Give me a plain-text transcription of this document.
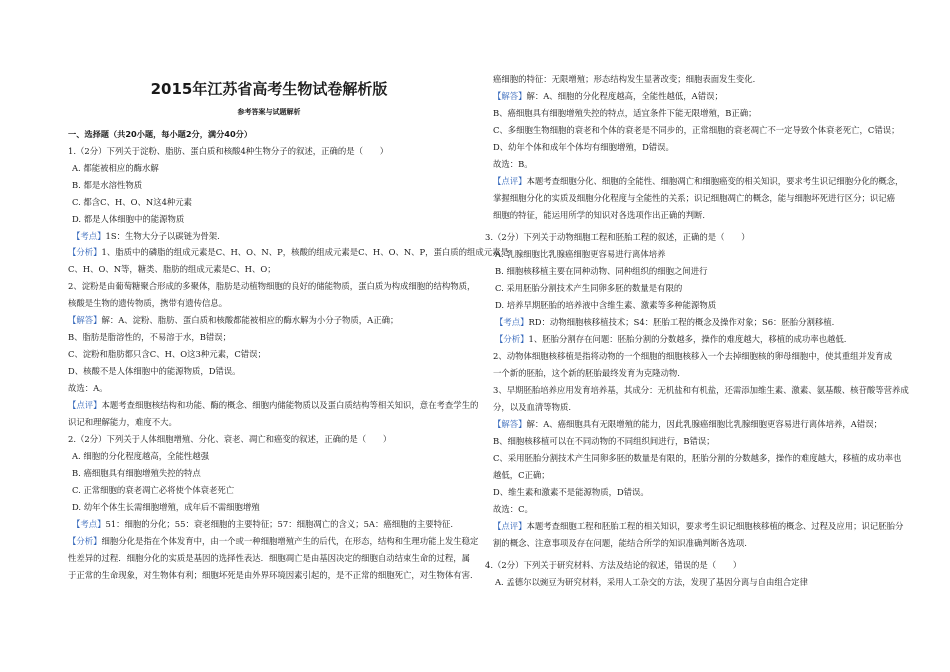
2015年江苏省高考生物试卷解析版
参考答案与试题解析
一、选择题（共20小题，每小题2分，满分40分）
1.（2分）下列关于淀粉、脂肪、蛋白质和核酸4种生物分子的叙述，正确的是（　　）
A. 都能被相应的酶水解
B. 都是水溶性物质
C. 都含C、H、O、N这4种元素
D. 都是人体细胞中的能源物质
【考点】1S：生物大分子以碳链为骨架.
【分析】1、脂质中的磷脂的组成元素是C、H、O、N、P，核酸的组成元素是C、H、O、N、P，蛋白质的组成元素是
C、H、O、N等，糖类、脂肪的组成元素是C、H、O；
2、淀粉是由葡萄糖聚合形成的多聚体，脂肪是动植物细胞的良好的储能物质，蛋白质为构成细胞的结构物质，
核酸是生物的遗传物质，携带有遗传信息。
【解答】解：A、淀粉、脂肪、蛋白质和核酸都能被相应的酶水解为小分子物质，A正确；
B、脂肪是脂溶性的，不易溶于水，B错误；
C、淀粉和脂肪都只含C、H、O这3种元素，C错误；
D、核酸不是人体细胞中的能源物质，D错误。
故选：A。
【点评】本题考查细胞核结构和功能、酶的概念、细胞内储能物质以及蛋白质结构等相关知识，意在考查学生的
识记和理解能力，难度不大。
2.（2分）下列关于人体细胞增殖、分化、衰老、凋亡和癌变的叙述，正确的是（　　）
A. 细胞的分化程度越高，全能性越强
B. 癌细胞具有细胞增殖失控的特点
C. 正常细胞的衰老凋亡必将使个体衰老死亡
D. 幼年个体生长需细胞增殖，成年后不需细胞增殖
【考点】51：细胞的分化；55：衰老细胞的主要特征；57：细胞凋亡的含义；5A：癌细胞的主要特征.
【分析】细胞分化是指在个体发育中，由一个或一种细胞增殖产生的后代，在形态，结构和生理功能上发生稳定
性差异的过程．细胞分化的实质是基因的选择性表达．细胞凋亡是由基因决定的细胞自动结束生命的过程，属
于正常的生命现象，对生物体有利；细胞坏死是由外界环境因素引起的，是不正常的细胞死亡，对生物体有害．
癌细胞的特征：无限增殖；形态结构发生显著改变；细胞表面发生变化．
【解答】解：A、细胞的分化程度越高，全能性越低，A错误；
B、癌细胞具有细胞增殖失控的特点，适宜条件下能无限增殖，B正确；
C、多细胞生物细胞的衰老和个体的衰老是不同步的，正常细胞的衰老凋亡不一定导致个体衰老死亡，C错误；
D、幼年个体和成年个体均有细胞增殖，D错误。
故选：B。
【点评】本题考查细胞分化、细胞的全能性、细胞凋亡和细胞癌变的相关知识，要求考生识记细胞分化的概念，
掌握细胞分化的实质及细胞分化程度与全能性的关系；识记细胞凋亡的概念，能与细胞坏死进行区分；识记癌
细胞的特征，能运用所学的知识对各选项作出正确的判断．
3.（2分）下列关于动物细胞工程和胚胎工程的叙述，正确的是（　　）
A. 乳腺细胞比乳腺癌细胞更容易进行离体培养
B. 细胞核移植主要在同种动物、同种组织的细胞之间进行
C. 采用胚胎分割技术产生同卵多胚的数量是有限的
D. 培养早期胚胎的培养液中含维生素、激素等多种能源物质
【考点】RD：动物细胞核移植技术；S4：胚胎工程的概念及操作对象；S6：胚胎分割移植.
【分析】1、胚胎分割存在问题：胚胎分割的分数越多，操作的难度越大，移植的成功率也越低.
2、动物体细胞核移植是指将动物的一个细胞的细胞核移入一个去掉细胞核的卵母细胞中，使其重组并发育成
一个新的胚胎，这个新的胚胎最终发育为克隆动物.
3、早期胚胎培养应用发育培养基，其成分：无机盐和有机盐，还需添加维生素、激素、氨基酸、核苷酸等营养成
分，以及血清等物质.
【解答】解：A、癌细胞具有无限增殖的能力，因此乳腺癌细胞比乳腺细胞更容易进行离体培养，A错误；
B、细胞核移植可以在不同动物的不同组织间进行，B错误；
C、采用胚胎分割技术产生同卵多胚的数量是有限的，胚胎分割的分数越多，操作的难度越大，移植的成功率也
越低，C正确；
D、维生素和激素不是能源物质，D错误。
故选：C。
【点评】本题考查细胞工程和胚胎工程的相关知识，要求考生识记细胞核移植的概念、过程及应用；识记胚胎分
割的概念、注意事项及存在问题，能结合所学的知识准确判断各选项.
4.（2分）下列关于研究材料、方法及结论的叙述，错误的是（　　）
A. 孟德尔以豌豆为研究材料，采用人工杂交的方法，发现了基因分离与自由组合定律
